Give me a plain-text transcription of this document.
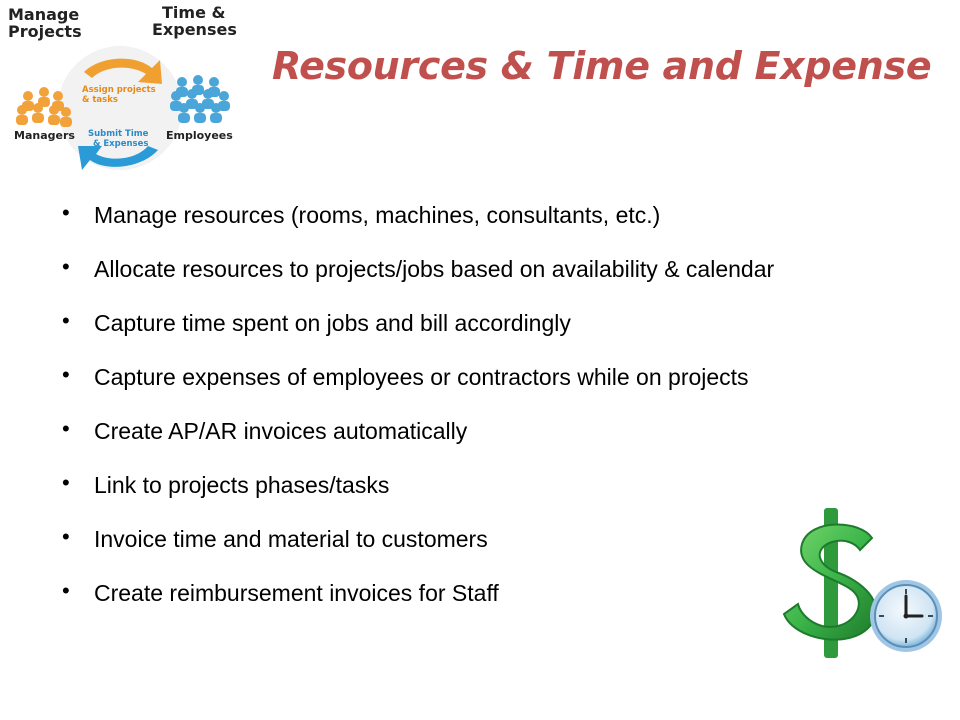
Manage
Projects
Time &
Expenses
Managers	Employees
Assign projects
& tasks
Submit Time
& Expenses
Resources & Time and Expense
• Manage resources (rooms, machines, consultants, etc.)
• Allocate resources to projects/jobs based on availability & calendar
• Capture time spent on jobs and bill accordingly
• Capture expenses of employees or contractors while on projects
• Create AP/AR invoices automatically
• Link to projects phases/tasks
• Invoice time and material to customers
• Create reimbursement invoices for Staff
